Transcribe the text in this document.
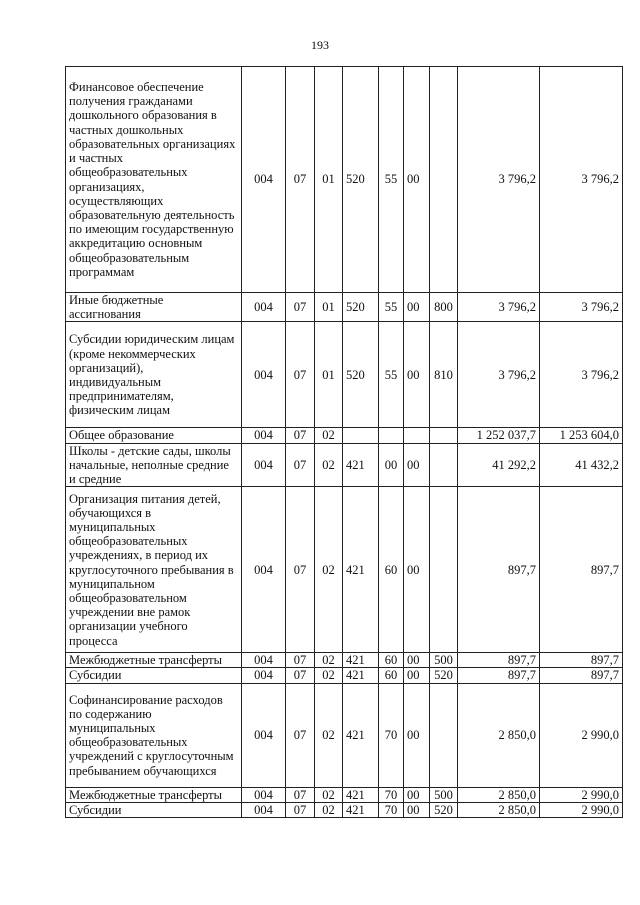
193
Финансовое обеспечение получения гражданами дошкольного образования в частных дошкольных образовательных организациях и частных общеобразовательных организациях, осуществляющих образовательную деятельность по имеющим государственную аккредитацию основным общеобразовательным программам	004	07	01	520	55	00		3 796,2	3 796,2
Иные бюджетные ассигнования	004	07	01	520	55	00	800	3 796,2	3 796,2
Субсидии юридическим лицам (кроме некоммерческих организаций), индивидуальным предпринимателям, физическим лицам	004	07	01	520	55	00	810	3 796,2	3 796,2
Общее образование	004	07	02					1 252 037,7	1 253 604,0
Школы - детские сады, школы начальные, неполные средние и средние	004	07	02	421	00	00		41 292,2	41 432,2
Организация питания детей, обучающихся в муниципальных общеобразовательных учреждениях, в период их круглосуточного пребывания в муниципальном общеобразовательном учреждении вне рамок организации учебного процесса	004	07	02	421	60	00		897,7	897,7
Межбюджетные трансферты	004	07	02	421	60	00	500	897,7	897,7
Субсидии	004	07	02	421	60	00	520	897,7	897,7
Софинансирование расходов по содержанию муниципальных общеобразовательных учреждений с круглосуточным пребыванием обучающихся	004	07	02	421	70	00		2 850,0	2 990,0
Межбюджетные трансферты	004	07	02	421	70	00	500	2 850,0	2 990,0
Субсидии	004	07	02	421	70	00	520	2 850,0	2 990,0
